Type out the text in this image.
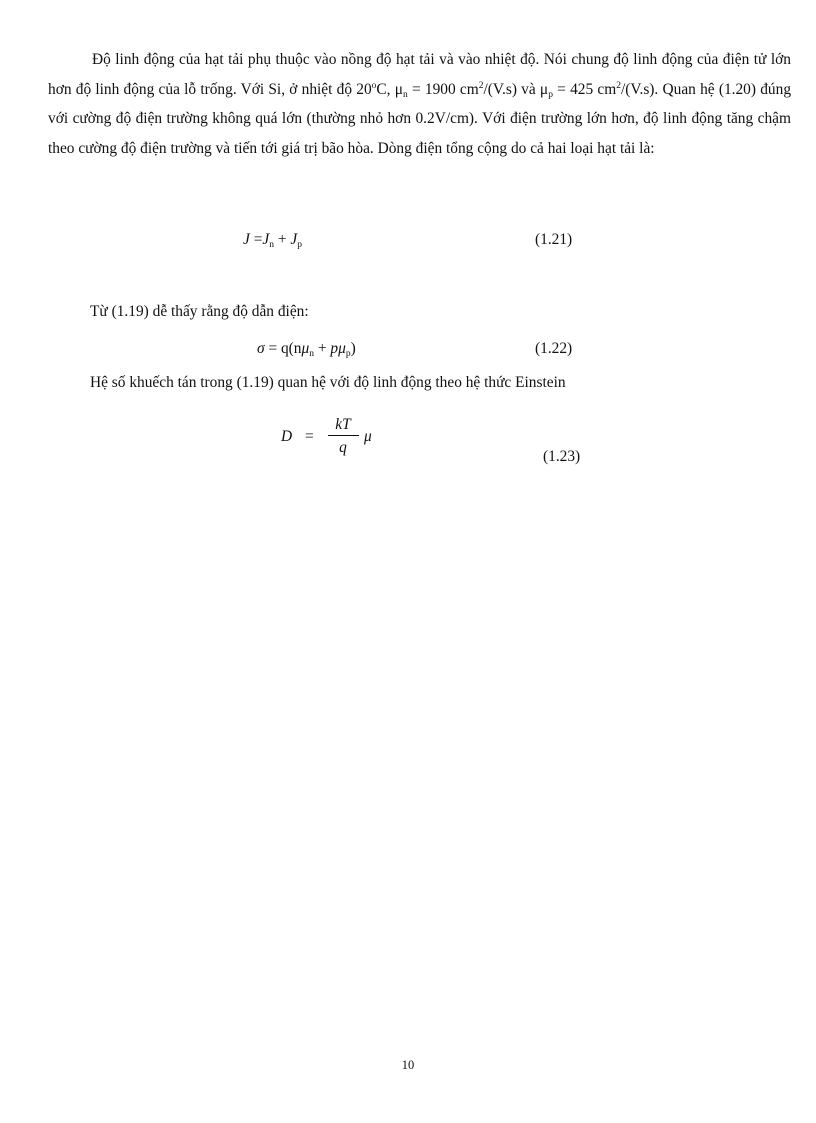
Độ linh động của hạt tải phụ thuộc vào nồng độ hạt tải và vào nhiệt độ. Nói chung độ linh động của điện tử lớn hơn độ linh động của lỗ trống. Với Si, ở nhiệt độ 20$^o$C, $\mu_n = 1900$ $cm^2/(V.s)$ và $\mu_p = 425$ $cm^2/(V.s)$. Quan hệ (1.20) đúng với cường độ điện trường không quá lớn (thường nhỏ hơn 0.2V/cm). Với điện trường lớn hơn, độ linh động tăng chậm theo cường độ điện trường và tiến tới giá trị bão hòa. Dòng điện tổng cộng do cả hai loại hạt tải là:

$J =J_n + J_p$	(1.21)
Từ (1.19) dễ thấy rằng độ dẫn điện:
$\sigma = q(n\mu_n + p\mu_p)$	(1.22)
Hệ số khuếch tán trong (1.19) quan hệ với độ linh động theo hệ thức Einstein
D =
kT
q
μ
(1.23)
10
